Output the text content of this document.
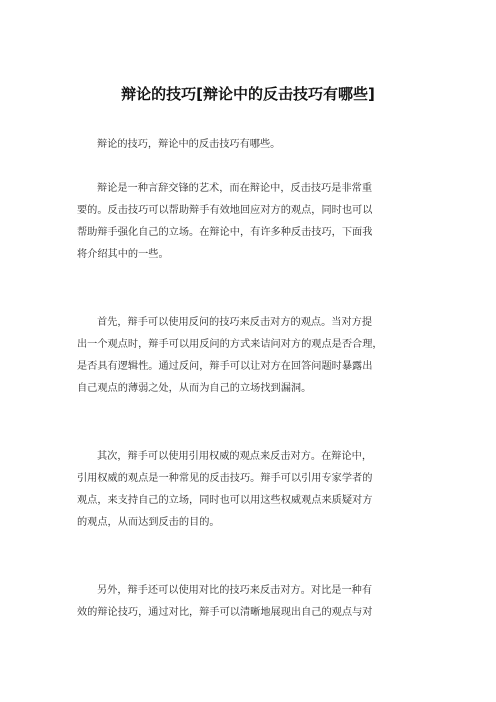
辩论的技巧[辩论中的反击技巧有哪些]
辩论的技巧，辩论中的反击技巧有哪些。
辩论是一种言辞交锋的艺术，而在辩论中，反击技巧是非常重
要的。反击技巧可以帮助辩手有效地回应对方的观点，同时也可以
帮助辩手强化自己的立场。在辩论中，有许多种反击技巧，下面我
将介绍其中的一些。
首先，辩手可以使用反问的技巧来反击对方的观点。当对方提
出一个观点时，辩手可以用反问的方式来诘问对方的观点是否合理，
是否具有逻辑性。通过反问，辩手可以让对方在回答问题时暴露出
自己观点的薄弱之处，从而为自己的立场找到漏洞。
其次，辩手可以使用引用权威的观点来反击对方。在辩论中，
引用权威的观点是一种常见的反击技巧。辩手可以引用专家学者的
观点，来支持自己的立场，同时也可以用这些权威观点来质疑对方
的观点，从而达到反击的目的。
另外，辩手还可以使用对比的技巧来反击对方。对比是一种有
效的辩论技巧，通过对比，辩手可以清晰地展现出自己的观点与对
